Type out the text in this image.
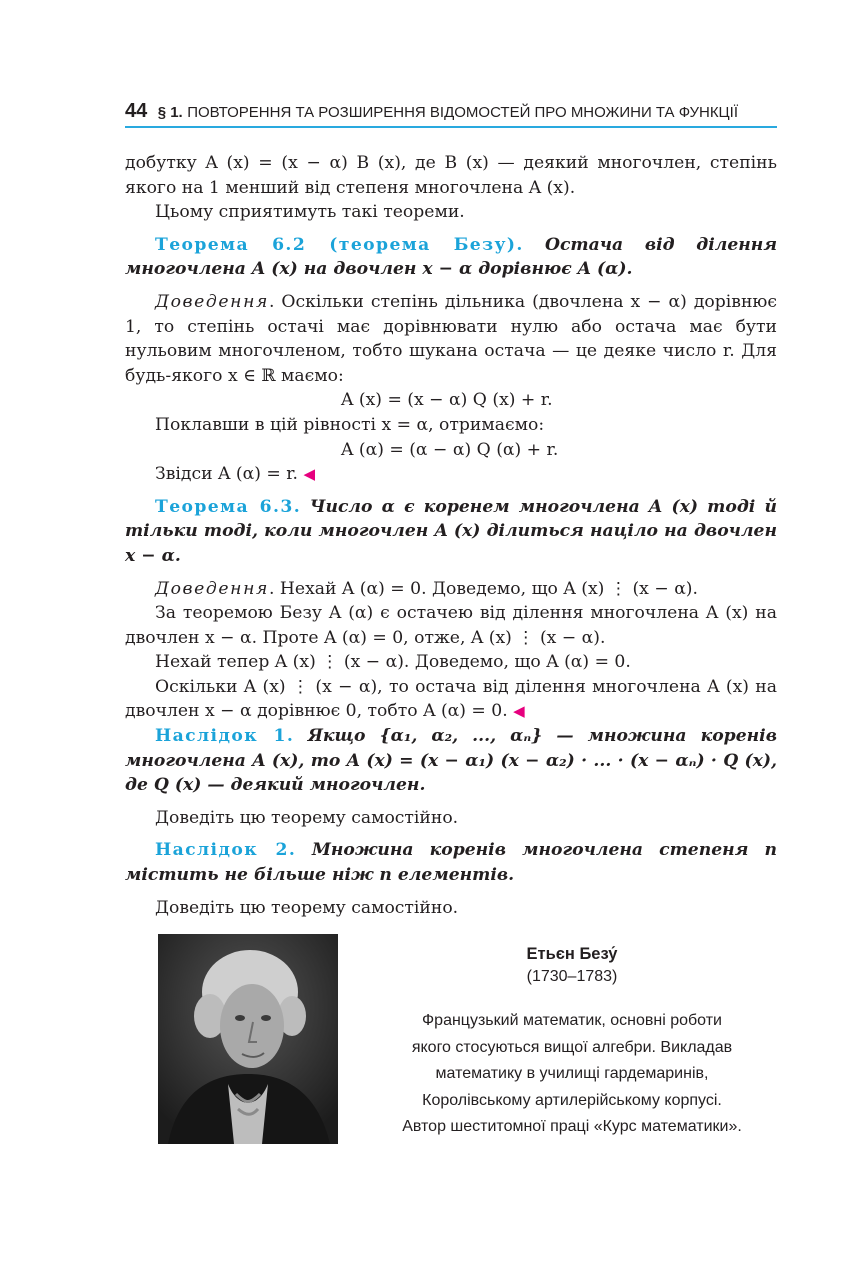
44 § 1. ПОВТОРЕННЯ ТА РОЗШИРЕННЯ ВІДОМОСТЕЙ ПРО МНОЖИНИ ТА ФУНКЦІЇ

добутку A (x) = (x − α) B (x), де B (x) — деякий многочлен, степінь якого на 1 менший від степеня многочлена A (x).

Цьому сприятимуть такі теореми.

Теорема 6.2 (теорема Безу). Остача від ділення многочлена A (x) на двочлен x − α дорівнює A (α).

Доведення. Оскільки степінь дільника (двочлена x − α) дорівнює 1, то степінь остачі має дорівнювати нулю або остача має бути нульовим многочленом, тобто шукана остача — це деяке число r. Для будь-якого x ∈ ℝ маємо:

A (x) = (x − α) Q (x) + r.

Поклавши в цій рівності x = α, отримаємо:

A (α) = (α − α) Q (α) + r.

Звідси A (α) = r. ◀

Теорема 6.3. Число α є коренем многочлена A (x) тоді й тільки тоді, коли многочлен A (x) ділиться націло на двочлен x − α.

Доведення. Нехай A (α) = 0. Доведемо, що A (x) ⋮ (x − α).

За теоремою Безу A (α) є остачею від ділення многочлена A (x) на двочлен x − α. Проте A (α) = 0, отже, A (x) ⋮ (x − α).

Нехай тепер A (x) ⋮ (x − α). Доведемо, що A (α) = 0.

Оскільки A (x) ⋮ (x − α), то остача від ділення многочлена A (x) на двочлен x − α дорівнює 0, тобто A (α) = 0. ◀

Наслідок 1. Якщо {α₁, α₂, ..., αₙ} — множина коренів многочлена A (x), то A (x) = (x − α₁) (x − α₂) · ... · (x − αₙ) · Q (x), де Q (x) — деякий многочлен.

Доведіть цю теорему самостійно.

Наслідок 2. Множина коренів многочлена степеня n містить не більше ніж n елементів.

Доведіть цю теорему самостійно.

Етьєн Безу́
(1730–1783)
Французький математик, основні роботи
якого стосуються вищої алгебри. Викладав
математику в училищі гардемаринів,
Королівському артилерійському корпусі.
Автор шеститомної праці «Курс математики».
